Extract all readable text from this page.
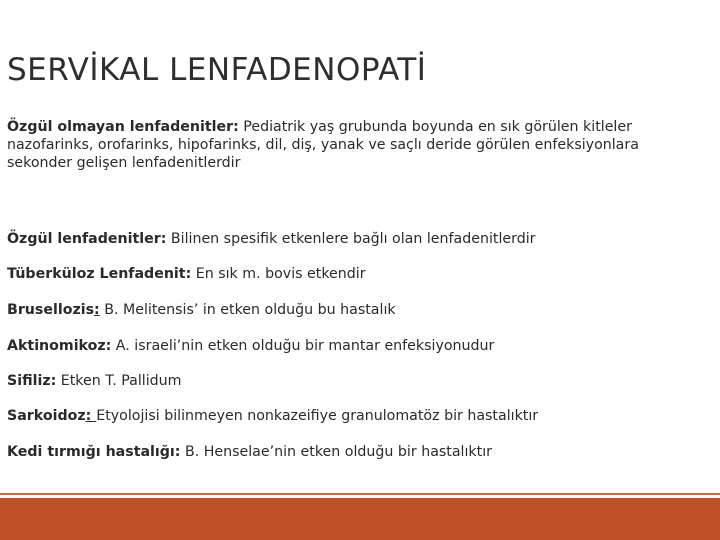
SERVİKAL LENFADENOPATİ
Özgül olmayan lenfadenitler: Pediatrik yaş grubunda boyunda en sık görülen kitleler nazofarinks, orofarinks, hipofarinks, dil, diş, yanak ve saçlı deride görülen enfeksiyonlara sekonder gelişen lenfadenitlerdir
Özgül lenfadenitler: Bilinen spesifik etkenlere bağlı olan lenfadenitlerdir
Tüberküloz Lenfadenit: En sık m. bovis etkendir
Brusellozis: B. Melitensis’ in etken olduğu bu hastalık
Aktinomikoz: A. israeli’nin etken olduğu bir mantar enfeksiyonudur
Sifiliz: Etken T. Pallidum
Sarkoidoz: Etyolojisi bilinmeyen nonkazeifiye granulomatöz bir hastalıktır
Kedi tırmığı hastalığı: B. Henselae’nin etken olduğu bir hastalıktır
